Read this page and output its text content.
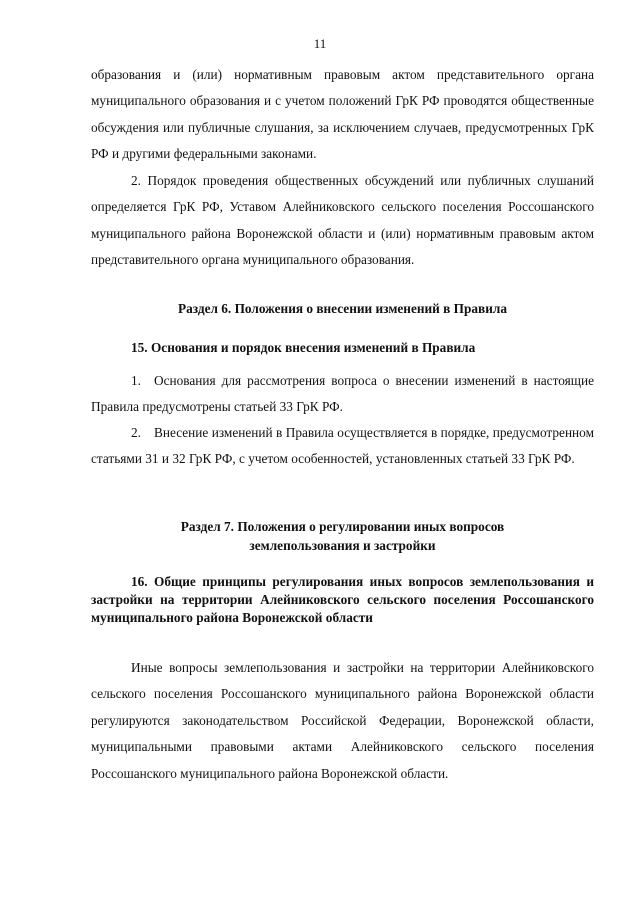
11

образования и (или) нормативным правовым актом представительного органа муниципального образования и с учетом положений ГрК РФ проводятся общественные обсуждения или публичные слушания, за исключением случаев, предусмотренных ГрК РФ и другими федеральными законами.

2. Порядок проведения общественных обсуждений или публичных слушаний определяется ГрК РФ, Уставом Алейниковского сельского поселения Россошанского муниципального района Воронежской области и (или) нормативным правовым актом представительного органа муниципального образования.

Раздел 6. Положения о внесении изменений в Правила

15. Основания и порядок внесения изменений в Правила

1. Основания для рассмотрения вопроса о внесении изменений в настоящие Правила предусмотрены статьей 33 ГрК РФ.

2. Внесение изменений в Правила осуществляется в порядке, предусмотренном статьями 31 и 32 ГрК РФ, с учетом особенностей, установленных статьей 33 ГрК РФ.

Раздел 7. Положения о регулировании иных вопросов
землепользования и застройки

16. Общие принципы регулирования иных вопросов землепользования и застройки на территории Алейниковского сельского поселения Россошанского муниципального района Воронежской области

Иные вопросы землепользования и застройки на территории Алейниковского сельского поселения Россошанского муниципального района Воронежской области регулируются законодательством Российской Федерации, Воронежской области, муниципальными правовыми актами Алейниковского сельского поселения Россошанского муниципального района Воронежской области.
